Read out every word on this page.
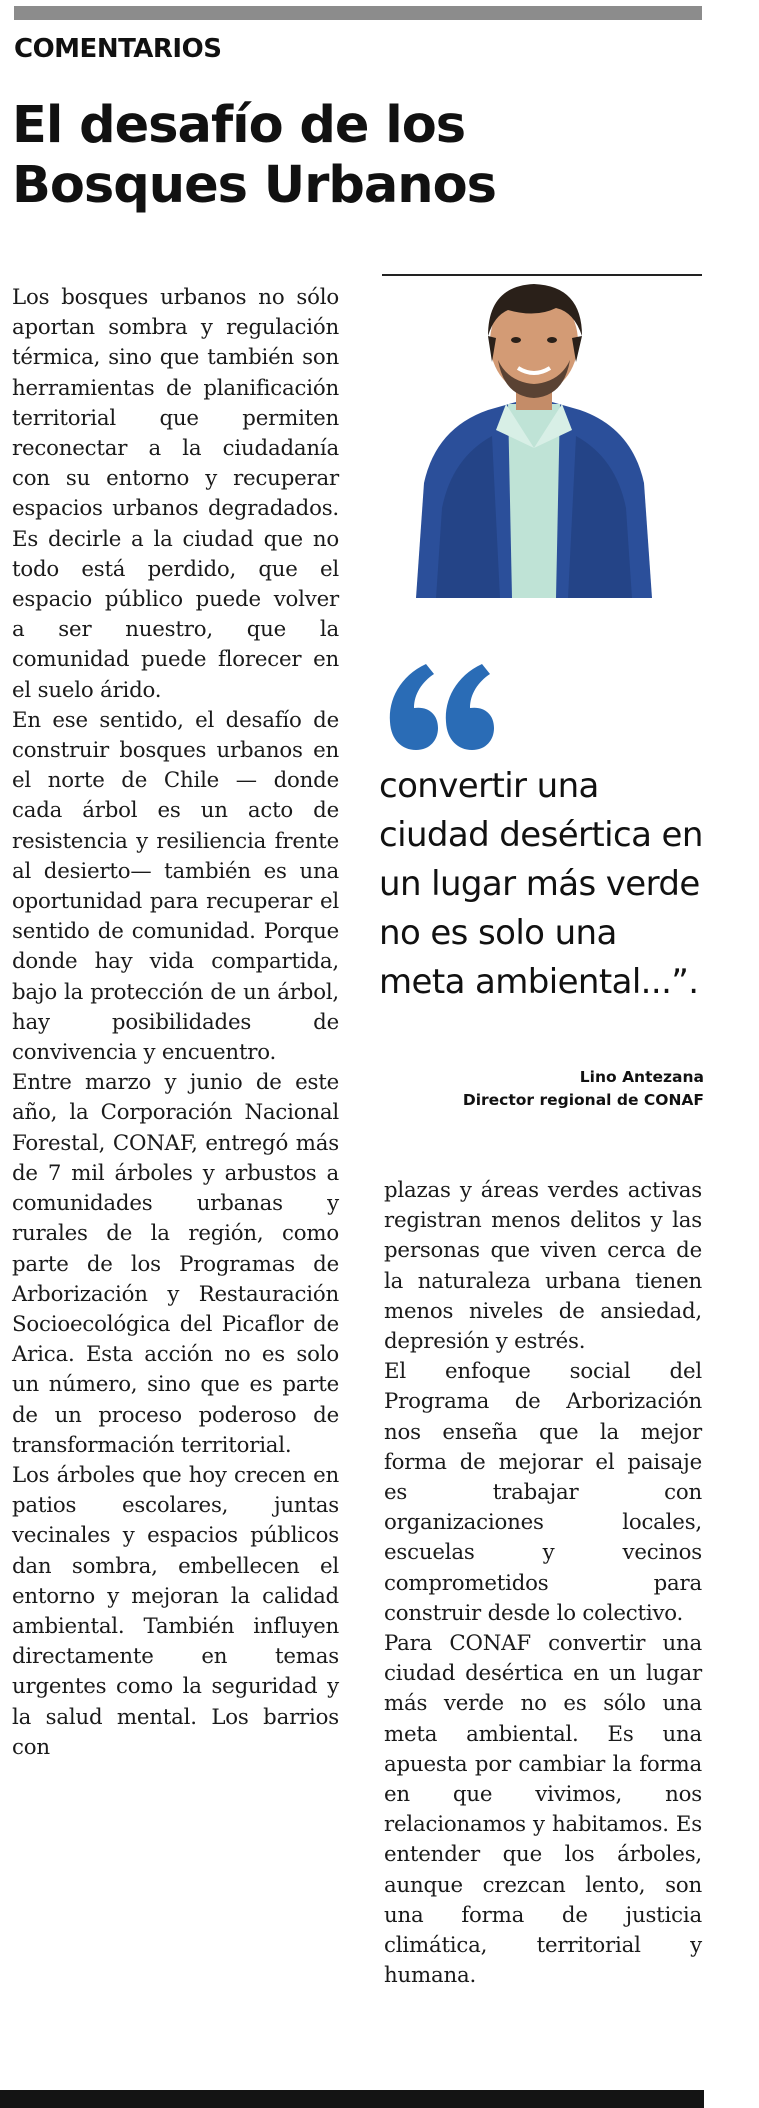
COMENTARIOS
El desafío de los Bosques Urbanos

Los bosques urbanos no sólo aportan sombra y regulación térmica, sino que también son herramientas de planificación territorial que permiten reconectar a la ciudadanía con su entorno y recuperar espacios urbanos degradados. Es decirle a la ciudad que no todo está perdido, que el espacio público puede volver a ser nuestro, que la comunidad puede florecer en el suelo árido.

En ese sentido, el desafío de construir bosques urbanos en el norte de Chile — donde cada árbol es un acto de resistencia y resiliencia frente al desierto— también es una oportunidad para recuperar el sentido de comunidad. Porque donde hay vida compartida, bajo la protección de un árbol, hay posibilidades de convivencia y encuentro.

Entre marzo y junio de este año, la Corporación Nacional Forestal, CONAF, entregó más de 7 mil árboles y arbustos a comunidades urbanas y rurales de la región, como parte de los Programas de Arborización y Restauración Socioecológica del Picaflor de Arica. Esta acción no es solo un número, sino que es parte de un proceso poderoso de transformación territorial.

Los árboles que hoy crecen en patios escolares, juntas vecinales y espacios públicos dan sombra, embellecen el entorno y mejoran la calidad ambiental. También influyen directamente en temas urgentes como la seguridad y la salud mental. Los barrios con

convertir una ciudad desértica en un lugar más verde no es solo una meta ambiental...”.
Lino Antezana
Director regional de CONAF

plazas y áreas verdes activas registran menos delitos y las personas que viven cerca de la naturaleza urbana tienen menos niveles de ansiedad, depresión y estrés.

El enfoque social del Programa de Arborización nos enseña que la mejor forma de mejorar el paisaje es trabajar con organizaciones locales, escuelas y vecinos comprometidos para construir desde lo colectivo.

Para CONAF convertir una ciudad desértica en un lugar más verde no es sólo una meta ambiental. Es una apuesta por cambiar la forma en que vivimos, nos relacionamos y habitamos. Es entender que los árboles, aunque crezcan lento, son una forma de justicia climática, territorial y humana.
